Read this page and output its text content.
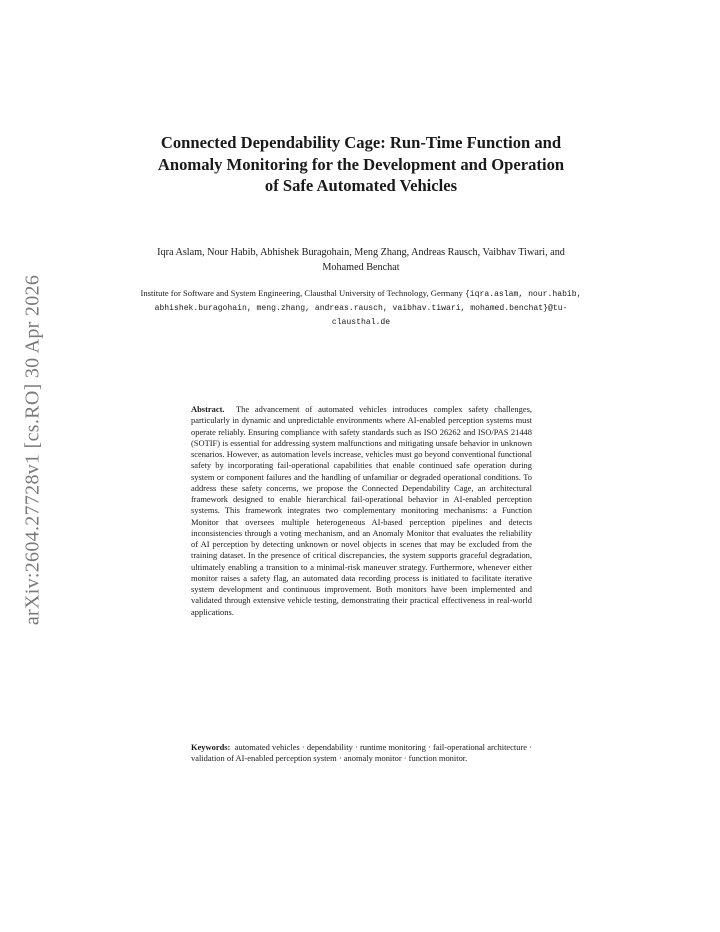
arXiv:2604.27728v1 [cs.RO] 30 Apr 2026
Connected Dependability Cage: Run-Time Function and Anomaly Monitoring for the Development and Operation of Safe Automated Vehicles
Iqra Aslam, Nour Habib, Abhishek Buragohain, Meng Zhang, Andreas Rausch, Vaibhav Tiwari, and Mohamed Benchat
Institute for Software and System Engineering, Clausthal University of Technology, Germany {iqra.aslam, nour.habib, abhishek.buragohain, meng.zhang, andreas.rausch, vaibhav.tiwari, mohamed.benchat}@tu-clausthal.de

Abstract. The advancement of automated vehicles introduces complex safety challenges, particularly in dynamic and unpredictable environments where AI-enabled perception systems must operate reliably. Ensuring compliance with safety standards such as ISO 26262 and ISO/PAS 21448 (SOTIF) is essential for addressing system malfunctions and mitigating unsafe behavior in unknown scenarios. However, as automation levels increase, vehicles must go beyond conventional functional safety by incorporating fail-operational capabilities that enable continued safe operation during system or component failures and the handling of unfamiliar or degraded operational conditions. To address these safety concerns, we propose the Connected Dependability Cage, an architectural framework designed to enable hierarchical fail-operational behavior in AI-enabled perception systems. This framework integrates two complementary monitoring mechanisms: a Function Monitor that oversees multiple heterogeneous AI-based perception pipelines and detects inconsistencies through a voting mechanism, and an Anomaly Monitor that evaluates the reliability of AI perception by detecting unknown or novel objects in scenes that may be excluded from the training dataset. In the presence of critical discrepancies, the system supports graceful degradation, ultimately enabling a transition to a minimal-risk maneuver strategy. Furthermore, whenever either monitor raises a safety flag, an automated data recording process is initiated to facilitate iterative system development and continuous improvement. Both monitors have been implemented and validated through extensive vehicle testing, demonstrating their practical effectiveness in real-world applications.

Keywords: automated vehicles · dependability · runtime monitoring · fail-operational architecture · validation of AI-enabled perception system · anomaly monitor · function monitor.
